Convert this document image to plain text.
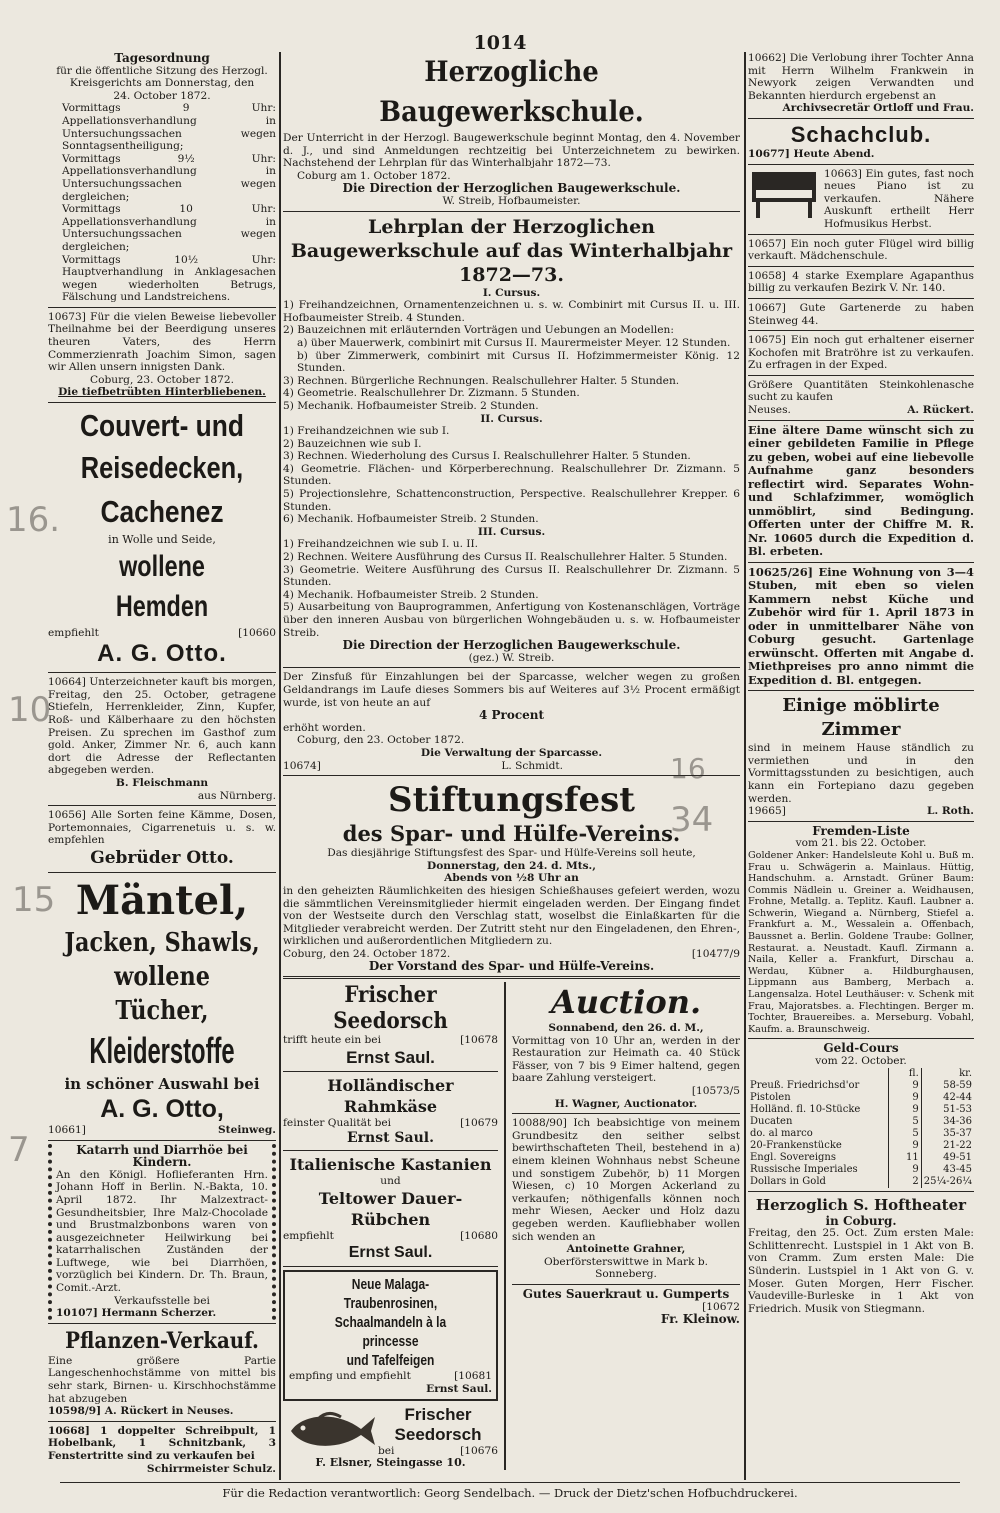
1014
16.
10
15
7
34
16
Tagesordnung
für die öffentliche Sitzung des Herzogl. Kreisgerichts am Donnerstag, den
24. October 1872.
Vormittags 9 Uhr: Appellationsverhandlung in Untersuchungssachen wegen Sonntagsentheiligung;
Vormittags 9½ Uhr: Appellationsverhandlung in Untersuchungssachen wegen dergleichen;
Vormittags 10 Uhr: Appellationsverhandlung in Untersuchungssachen wegen dergleichen;
Vormittags 10½ Uhr: Hauptverhandlung in Anklagesachen wegen wiederholten Betrugs, Fälschung und Landstreichens.
10673] Für die vielen Beweise liebevoller Theilnahme bei der Beerdigung unseres theuren Vaters, des Herrn Commerzienrath Joachim Simon, sagen wir Allen unsern innigsten Dank.
Coburg, 23. October 1872.
Die tiefbetrübten Hinterbliebenen.
Couvert- und
Reisedecken,
Cachenez
in Wolle und Seide,
wollene Hemden
empfiehlt	[10660
A. G. Otto.
10664] Unterzeichneter kauft bis morgen, Freitag, den 25. October, getragene Stiefeln, Herrenkleider, Zinn, Kupfer, Roß- und Kälberhaare zu den höchsten Preisen. Zu sprechen im Gasthof zum gold. Anker, Zimmer Nr. 6, auch kann dort die Adresse der Reflectanten abgegeben werden.
B. Fleischmann
aus Nürnberg.
10656] Alle Sorten feine Kämme, Dosen, Portemonnaies, Cigarrenetuis u. s. w. empfehlen
Gebrüder Otto.
Mäntel,
Jacken, Shawls,
wollene Tücher,
Kleiderstoffe
in schöner Auswahl bei
A. G. Otto,
10661]	Steinweg.
Katarrh und Diarrhöe bei Kindern.
An den Königl. Hoflieferanten Hrn. Johann Hoff in Berlin. N.-Bakta, 10. April 1872. Ihr Malzextract-Gesundheitsbier, Ihre Malz-Chocolade und Brustmalzbonbons waren von ausgezeichneter Heilwirkung bei katarrhalischen Zuständen der Luftwege, wie bei Diarrhöen, vorzüglich bei Kindern. Dr. Th. Braun, Comit.-Arzt.
Verkaufsstelle bei
10107] Hermann Scherzer.
Pflanzen-Verkauf.
Eine größere Partie Langeschenhochstämme von mittel bis sehr stark, Birnen- u. Kirschhochstämme hat abzugeben
10598/9] A. Rückert in Neuses.
10668] 1 doppelter Schreibpult, 1 Hobelbank, 1 Schnitzbank, 3 Fenstertritte sind zu verkaufen bei
Schirrmeister Schulz.
Herzogliche Baugewerkschule.
Der Unterricht in der Herzogl. Baugewerkschule beginnt Montag, den 4. November d. J., und sind Anmeldungen rechtzeitig bei Unterzeichnetem zu bewirken. Nachstehend der Lehrplan für das Winterhalbjahr 1872—73.
Coburg am 1. October 1872.
Die Direction der Herzoglichen Baugewerkschule.
W. Streib, Hofbaumeister.
Lehrplan der Herzoglichen Baugewerkschule auf das Winterhalbjahr 1872—73.
I. Cursus.
1) Freihandzeichnen, Ornamentenzeichnen u. s. w. Combinirt mit Cursus II. u. III. Hofbaumeister Streib. 4 Stunden.
2) Bauzeichnen mit erläuternden Vorträgen und Uebungen an Modellen:
a) über Mauerwerk, combinirt mit Cursus II. Maurermeister Meyer. 12 Stunden.
b) über Zimmerwerk, combinirt mit Cursus II. Hofzimmermeister König. 12 Stunden.
3) Rechnen. Bürgerliche Rechnungen. Realschullehrer Halter. 5 Stunden.
4) Geometrie. Realschullehrer Dr. Zizmann. 5 Stunden.
5) Mechanik. Hofbaumeister Streib. 2 Stunden.
II. Cursus.
1) Freihandzeichnen wie sub I.
2) Bauzeichnen wie sub I.
3) Rechnen. Wiederholung des Cursus I. Realschullehrer Halter. 5 Stunden.
4) Geometrie. Flächen- und Körperberechnung. Realschullehrer Dr. Zizmann. 5 Stunden.
5) Projectionslehre, Schattenconstruction, Perspective. Realschullehrer Krepper. 6 Stunden.
6) Mechanik. Hofbaumeister Streib. 2 Stunden.
III. Cursus.
1) Freihandzeichnen wie sub I. u. II.
2) Rechnen. Weitere Ausführung des Cursus II. Realschullehrer Halter. 5 Stunden.
3) Geometrie. Weitere Ausführung des Cursus II. Realschullehrer Dr. Zizmann. 5 Stunden.
4) Mechanik. Hofbaumeister Streib. 2 Stunden.
5) Ausarbeitung von Bauprogrammen, Anfertigung von Kostenanschlägen, Vorträge über den inneren Ausbau von bürgerlichen Wohngebäuden u. s. w. Hofbaumeister Streib.
Die Direction der Herzoglichen Baugewerkschule.
(gez.) W. Streib.
Der Zinsfuß für Einzahlungen bei der Sparcasse, welcher wegen zu großen Geldandrangs im Laufe dieses Sommers bis auf Weiteres auf 3½ Procent ermäßigt wurde, ist von heute an auf
4 Procent
erhöht worden.
Coburg, den 23. October 1872.
Die Verwaltung der Sparcasse.
10674]	L. Schmidt.
Stiftungsfest
des Spar- und Hülfe-Vereins.
Das diesjährige Stiftungsfest des Spar- und Hülfe-Vereins soll heute,
Donnerstag, den 24. d. Mts.,
Abends von ½8 Uhr an
in den geheizten Räumlichkeiten des hiesigen Schießhauses gefeiert werden, wozu die sämmtlichen Vereinsmitglieder hiermit eingeladen werden. Der Eingang findet von der Westseite durch den Verschlag statt, woselbst die Einlaßkarten für die Mitglieder verabreicht werden. Der Zutritt steht nur den Eingeladenen, den Ehren-, wirklichen und außerordentlichen Mitgliedern zu.
Coburg, den 24. October 1872.	[10477/9
Der Vorstand des Spar- und Hülfe-Vereins.
Frischer Seedorsch
trifft heute ein bei	[10678
Ernst Saul.
Holländischer Rahmkäse
feinster Qualität bei	[10679
Ernst Saul.
Italienische Kastanien
und
Teltower Dauer-Rübchen
empfiehlt	[10680
Ernst Saul.
Neue Malaga-Traubenrosinen,
Schaalmandeln à la princesse
und Tafelfeigen
empfing und empfiehlt	[10681
Ernst Saul.
Frischer
Seedorsch
bei	[10676
F. Elsner, Steingasse 10.
Auction.
Sonnabend, den 26. d. M.,
Vormittag von 10 Uhr an, werden in der Restauration zur Heimath ca. 40 Stück Fässer, von 7 bis 9 Eimer haltend, gegen baare Zahlung versteigert.
[10573/5
H. Wagner, Auctionator.
10088/90] Ich beabsichtige von meinem Grundbesitz den seither selbst bewirthschafteten Theil, bestehend in a) einem kleinen Wohnhaus nebst Scheune und sonstigem Zubehör, b) 11 Morgen Wiesen, c) 10 Morgen Ackerland zu verkaufen; nöthigenfalls können noch mehr Wiesen, Aecker und Holz dazu gegeben werden. Kaufliebhaber wollen sich wenden an
Antoinette Grahner,
Oberförsterswittwe in Mark b. Sonneberg.
Gutes Sauerkraut u. Gumperts
[10672
Fr. Kleinow.
10662] Die Verlobung ihrer Tochter Anna mit Herrn Wilhelm Frankwein in Newyork zeigen Verwandten und Bekannten hierdurch ergebenst an
Archivsecretär Ortloff und Frau.
Schachclub.
10677] Heute Abend.
10663] Ein gutes, fast noch neues Piano ist zu verkaufen. Nähere Auskunft ertheilt Herr Hofmusikus Herbst.
10657] Ein noch guter Flügel wird billig verkauft. Mädchenschule.
10658] 4 starke Exemplare Agapanthus billig zu verkaufen Bezirk V. Nr. 140.
10667] Gute Gartenerde zu haben Steinweg 44.
10675] Ein noch gut erhaltener eiserner Kochofen mit Bratröhre ist zu verkaufen. Zu erfragen in der Exped.
Größere Quantitäten Steinkohlenasche sucht zu kaufen
Neuses.	A. Rückert.
Eine ältere Dame wünscht sich zu einer gebildeten Familie in Pflege zu geben, wobei auf eine liebevolle Aufnahme ganz besonders reflectirt wird. Separates Wohn- und Schlafzimmer, womöglich unmöblirt, sind Bedingung. Offerten unter der Chiffre M. R. Nr. 10605 durch die Expedition d. Bl. erbeten.
10625/26] Eine Wohnung von 3—4 Stuben, mit eben so vielen Kammern nebst Küche und Zubehör wird für 1. April 1873 in oder in unmittelbarer Nähe von Coburg gesucht. Gartenlage erwünscht. Offerten mit Angabe d. Miethpreises pro anno nimmt die Expedition d. Bl. entgegen.
Einige möblirte Zimmer
sind in meinem Hause ständlich zu vermiethen und in den Vormittagsstunden zu besichtigen, auch kann ein Fortepiano dazu gegeben werden.
19665]	L. Roth.
Fremden-Liste
vom 21. bis 22. October.
Goldener Anker: Handelsleute Kohl u. Buß m. Frau u. Schwägerin a. Mainlaus. Hüttig, Handschuhm. a. Arnstadt. Grüner Baum: Commis Nädlein u. Greiner a. Weidhausen, Frohne, Metallg. a. Teplitz. Kaufl. Laubner a. Schwerin, Wiegand a. Nürnberg, Stiefel a. Frankfurt a. M., Wessalein a. Offenbach, Baussnet a. Berlin. Goldene Traube: Gollner, Restaurat. a. Neustadt. Kaufl. Zirmann a. Naila, Keller a. Frankfurt, Dirschau a. Werdau, Kübner a. Hildburghausen, Lippmann aus Bamberg, Merbach a. Langensalza. Hotel Leuthäuser: v. Schenk mit Frau, Majoratsbes. a. Flechtingen. Berger m. Tochter, Brauereibes. a. Merseburg. Vobahl, Kaufm. a. Braunschweig.
Geld-Cours
vom 22. October.
	fl.	kr.
Preuß. Friedrichsd'or	9	58-59
Pistolen	9	42-44
Holländ. fl. 10-Stücke	9	51-53
Ducaten	5	34-36
do. al marco	5	35-37
20-Frankenstücke	9	21-22
Engl. Sovereigns	11	49-51
Russische Imperiales	9	43-45
Dollars in Gold	2	25¼-26¼
Herzoglich S. Hoftheater
in Coburg.
Freitag, den 25. Oct. Zum ersten Male: Schlittenrecht. Lustspiel in 1 Akt von B. von Cramm. Zum ersten Male: Die Sünderin. Lustspiel in 1 Akt von G. v. Moser. Guten Morgen, Herr Fischer. Vaudeville-Burleske in 1 Akt von Friedrich. Musik von Stiegmann.
Für die Redaction verantwortlich: Georg Sendelbach. — Druck der Dietz'schen Hofbuchdruckerei.
